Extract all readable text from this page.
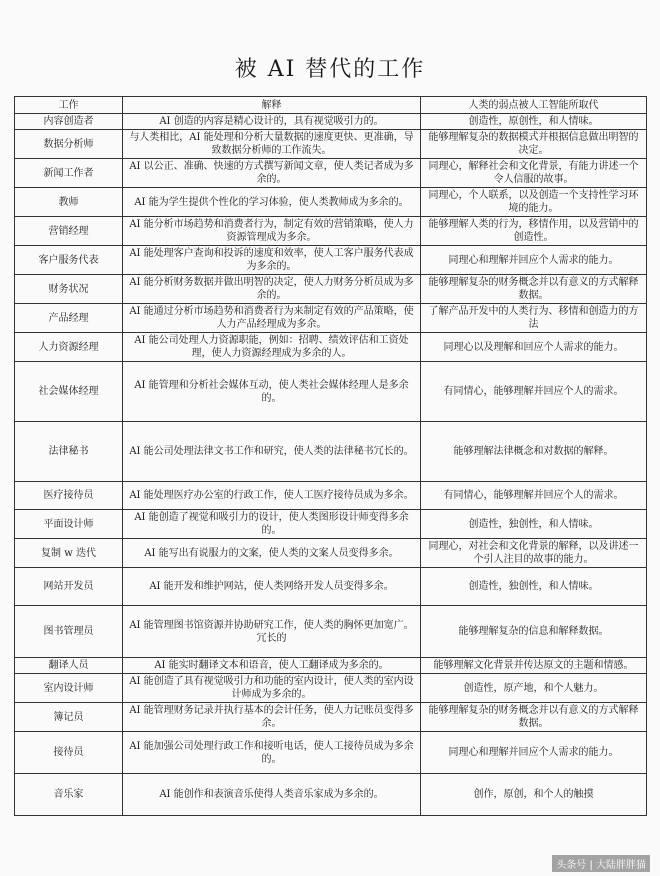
被 AI 替代的工作
工作	解释	人类的弱点被人工智能所取代
内容创造者	AI 创造的内容是精心设计的，具有视觉吸引力的。	创造性，原创性，和人情味。
数据分析师	与人类相比，AI 能处理和分析大量数据的速度更快、更准确，导致数据分析师的工作流失。	能够理解复杂的数据模式并根据信息做出明智的决定。
新闻工作者	AI 以公正、准确、快速的方式撰写新闻文章，使人类记者成为多余的。	同理心，解释社会和文化背景，有能力讲述一个令人信服的故事。
教师	AI 能为学生提供个性化的学习体验，使人类教师成为多余的。	同理心，个人联系，以及创造一个支持性学习环境的能力。
营销经理	AI 能分析市场趋势和消费者行为，制定有效的营销策略，使人力资源管理成为多余。	能够理解人类的行为，移情作用，以及营销中的创造性。
客户服务代表	AI 能处理客户查询和投诉的速度和效率，使人工客户服务代表成为多余的。	同理心和理解并回应个人需求的能力。
财务状况	AI 能分析财务数据并做出明智的决定，使人力财务分析员成为多余的。	能够理解复杂的财务概念并以有意义的方式解释数据。
产品经理	AI 能通过分析市场趋势和消费者行为来制定有效的产品策略，使人力产品经理成为多余。	了解产品开发中的人类行为、移情和创造力的方法
人力资源经理	AI 能公司处理人力资源职能，例如：招聘、绩效评估和工资处理，使人力资源经理成为多余的人。	同理心以及理解和回应个人需求的能力。
社会媒体经理	AI 能管理和分析社会媒体互动，使人类社会媒体经理人是多余的。	有同情心，能够理解并回应个人的需求。
法律秘书	AI 能公司处理法律文书工作和研究，使人类的法律秘书冗长的。	能够理解法律概念和对数据的解释。
医疗接待员	AI 能处理医疗办公室的行政工作，使人工医疗接待员成为多余。	有同情心，能够理解并回应个人的需求。
平面设计师	AI 能创造了视觉和吸引力的设计，使人类图形设计师变得多余的。	创造性，独创性，和人情味。
复制 w 迭代	AI 能写出有说服力的文案，使人类的文案人员变得多余。	同理心，对社会和文化背景的解释，以及讲述一个引人注目的故事的能力。
网站开发员	AI 能开发和维护网站，使人类网络开发人员变得多余。	创造性，独创性，和人情味。
图书管理员	AI 能管理图书馆资源并协助研究工作，使人类的胸怀更加宽广。冗长的	能够理解复杂的信息和解释数据。
翻译人员	AI 能实时翻译文本和语音，使人工翻译成为多余的。	能够理解文化背景并传达原文的主题和情感。
室内设计师	AI 能创造了具有视觉吸引力和功能的室内设计，使人类的室内设计师成为多余的。	创造性，原产地，和个人魅力。
簿记员	AI 能管理财务记录并执行基本的会计任务，使人力记账员变得多余。	能够理解复杂的财务概念并以有意义的方式解释数据。
接待员	AI 能加强公司处理行政工作和接听电话，使人工接待员成为多余的。	同理心和理解并回应个人需求的能力。
音乐家	AI 能创作和表演音乐使得人类音乐家成为多余的。	创作，原创，和个人的触摸
头条号 | 大陆胖胖猫
